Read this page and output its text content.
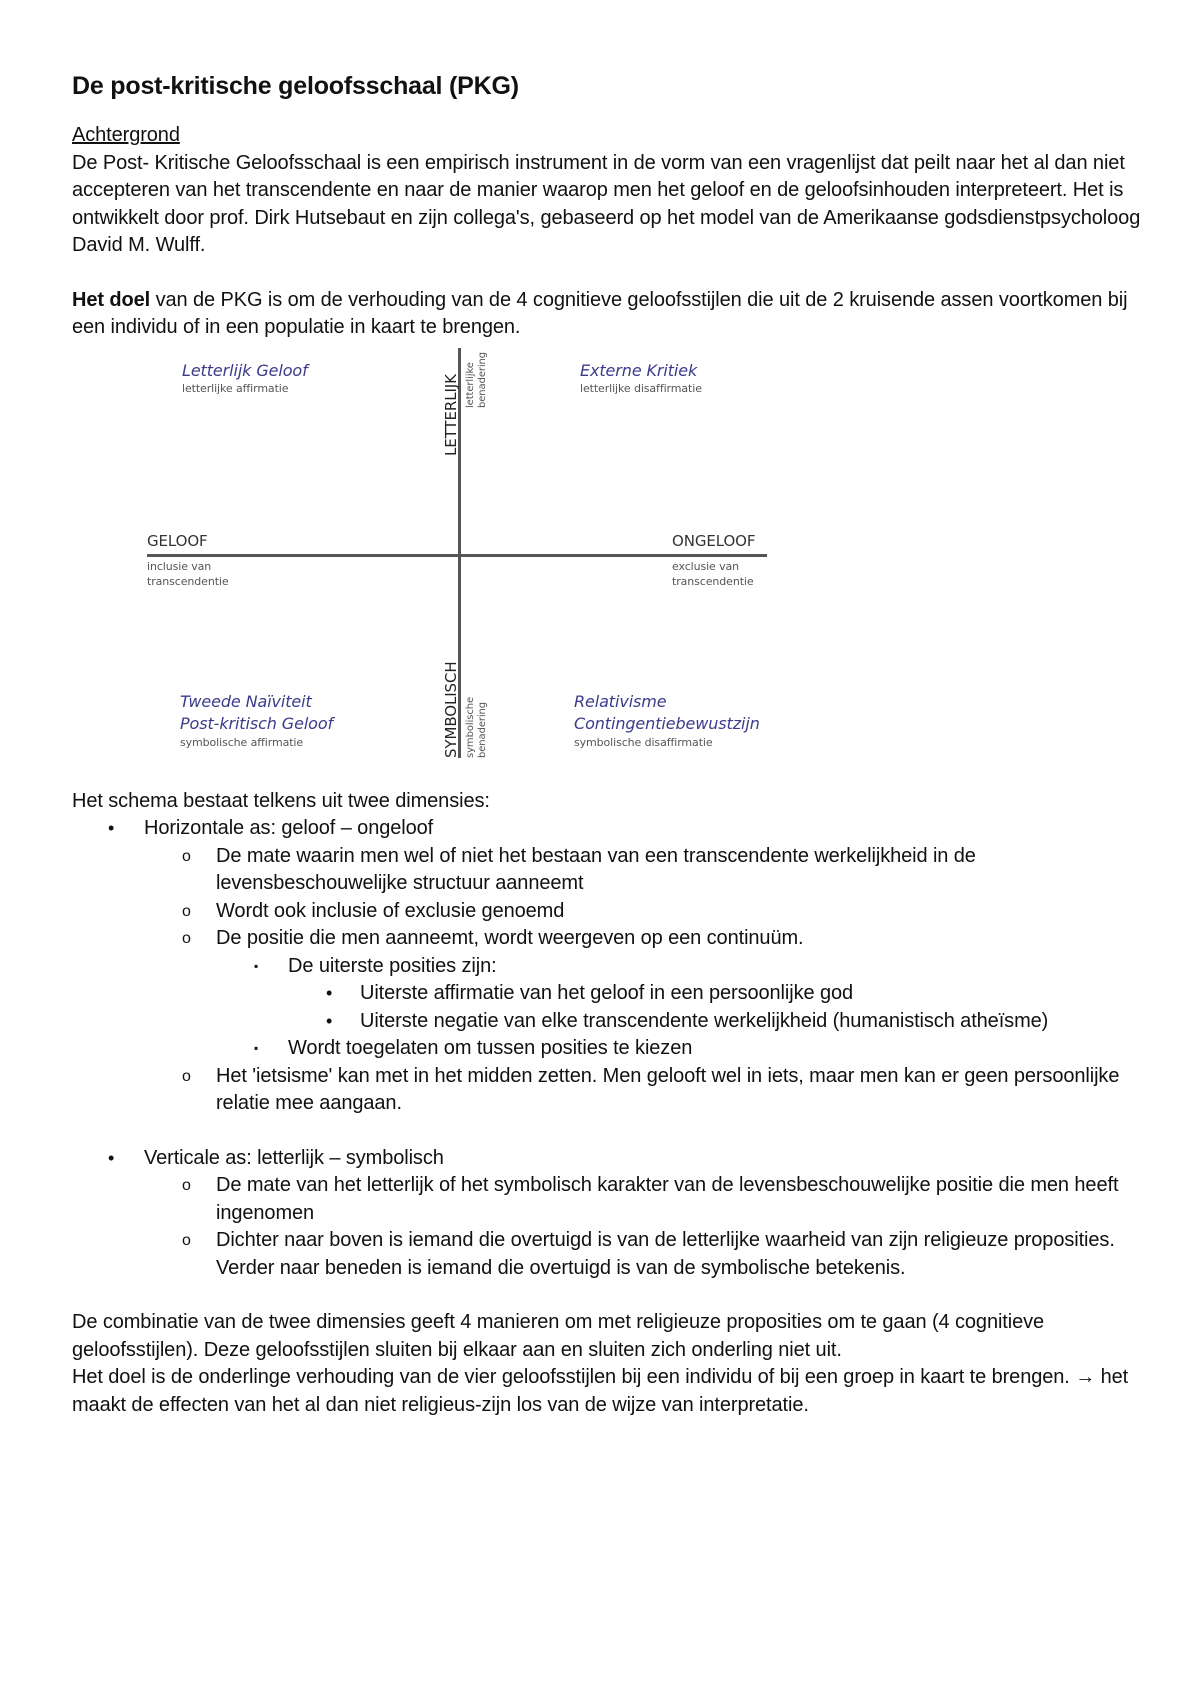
De post-kritische geloofsschaal (PKG)
Achtergrond

De Post- Kritische Geloofsschaal is een empirisch instrument in de vorm van een vragenlijst dat peilt naar het al dan niet accepteren van het transcendente en naar de manier waarop men het geloof en de geloofsinhouden interpreteert. Het is ontwikkelt door prof. Dirk Hutsebaut en zijn collega's, gebaseerd op het model van de Amerikaanse godsdienstpsycholoog David M. Wulff.

Het doel van de PKG is om de verhouding van de 4 cognitieve geloofsstijlen die uit de 2 kruisende assen voortkomen bij een individu of in een populatie in kaart te brengen.

Letterlijk Geloof
letterlijke affirmatie
Externe Kritiek
letterlijke disaffirmatie
Tweede Naïviteit
Post-kritisch Geloof
symbolische affirmatie
Relativisme
Contingentiebewustzijn
symbolische disaffirmatie
GELOOF
inclusie van
transcendentie
ONGELOOF
exclusie van
transcendentie
LETTERLIJK letterlijke benadering
SYMBOLISCH symbolische benadering

Het schema bestaat telkens uit twee dimensies:

• Horizontale as: geloof – ongeloof
o De mate waarin men wel of niet het bestaan van een transcendente werkelijkheid in de levensbeschouwelijke structuur aanneemt
o Wordt ook inclusie of exclusie genoemd
o De positie die men aanneemt, wordt weergeven op een continuüm.
▪ De uiterste posities zijn:
• Uiterste affirmatie van het geloof in een persoonlijke god
• Uiterste negatie van elke transcendente werkelijkheid (humanistisch atheïsme)
▪ Wordt toegelaten om tussen posities te kiezen
o Het 'ietsisme' kan met in het midden zetten. Men gelooft wel in iets, maar men kan er geen persoonlijke relatie mee aangaan.
• Verticale as: letterlijk – symbolisch
o De mate van het letterlijk of het symbolisch karakter van de levensbeschouwelijke positie die men heeft ingenomen
o Dichter naar boven is iemand die overtuigd is van de letterlijke waarheid van zijn religieuze proposities. Verder naar beneden is iemand die overtuigd is van de symbolische betekenis.

De combinatie van de twee dimensies geeft 4 manieren om met religieuze proposities om te gaan (4 cognitieve geloofsstijlen). Deze geloofsstijlen sluiten bij elkaar aan en sluiten zich onderling niet uit.

Het doel is de onderlinge verhouding van de vier geloofsstijlen bij een individu of bij een groep in kaart te brengen. → het maakt de effecten van het al dan niet religieus-zijn los van de wijze van interpretatie.
